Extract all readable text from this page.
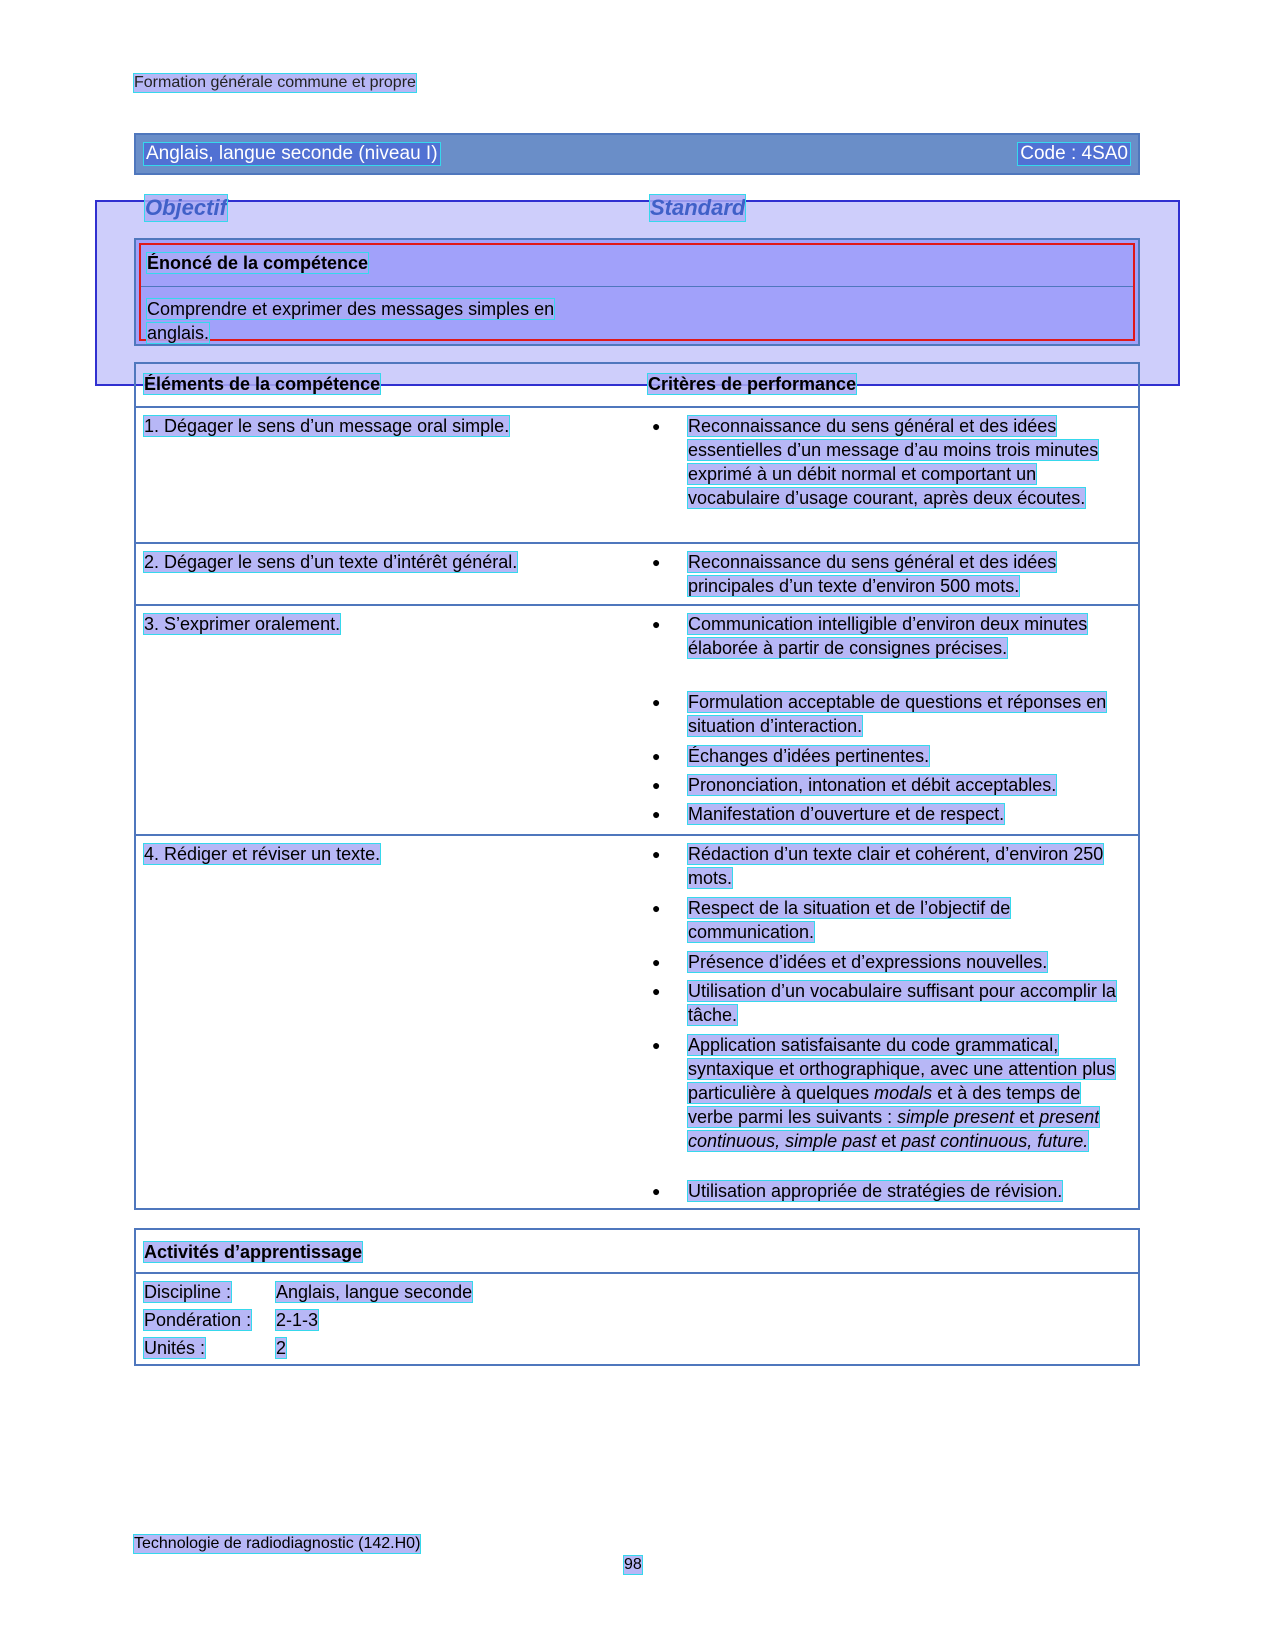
Formation générale commune et propre
Anglais, langue seconde (niveau I)	Code : 4SA0
Objectif	Standard
Énoncé de la compétence
Comprendre et exprimer des messages simples en anglais.
Éléments de la compétence	Critères de performance
1. Dégager le sens d’un message oral simple.	● Reconnaissance du sens général et des idées essentielles d’un message d’au moins trois minutes exprimé à un débit normal et comportant un vocabulaire d’usage courant, après deux écoutes.
2. Dégager le sens d’un texte d’intérêt général.	● Reconnaissance du sens général et des idées principales d’un texte d’environ 500 mots.
3. S’exprimer oralement.	● Communication intelligible d’environ deux minutes élaborée à partir de consignes précises.
● Formulation acceptable de questions et réponses en situation d’interaction.
● Échanges d’idées pertinentes.
● Prononciation, intonation et débit acceptables.
● Manifestation d’ouverture et de respect.
4. Rédiger et réviser un texte.	● Rédaction d’un texte clair et cohérent, d’environ 250 mots.
● Respect de la situation et de l’objectif de communication.
● Présence d’idées et d’expressions nouvelles.
● Utilisation d’un vocabulaire suffisant pour accomplir la tâche.
● Application satisfaisante du code grammatical, syntaxique et orthographique, avec une attention plus particulière à quelques modals et à des temps de verbe parmi les suivants : simple present et present continuous, simple past et past continuous, future.
● Utilisation appropriée de stratégies de révision.
Activités d’apprentissage
Discipline : Anglais, langue seconde
Pondération : 2-1-3
Unités :	2
Technologie de radiodiagnostic (142.H0)
98
